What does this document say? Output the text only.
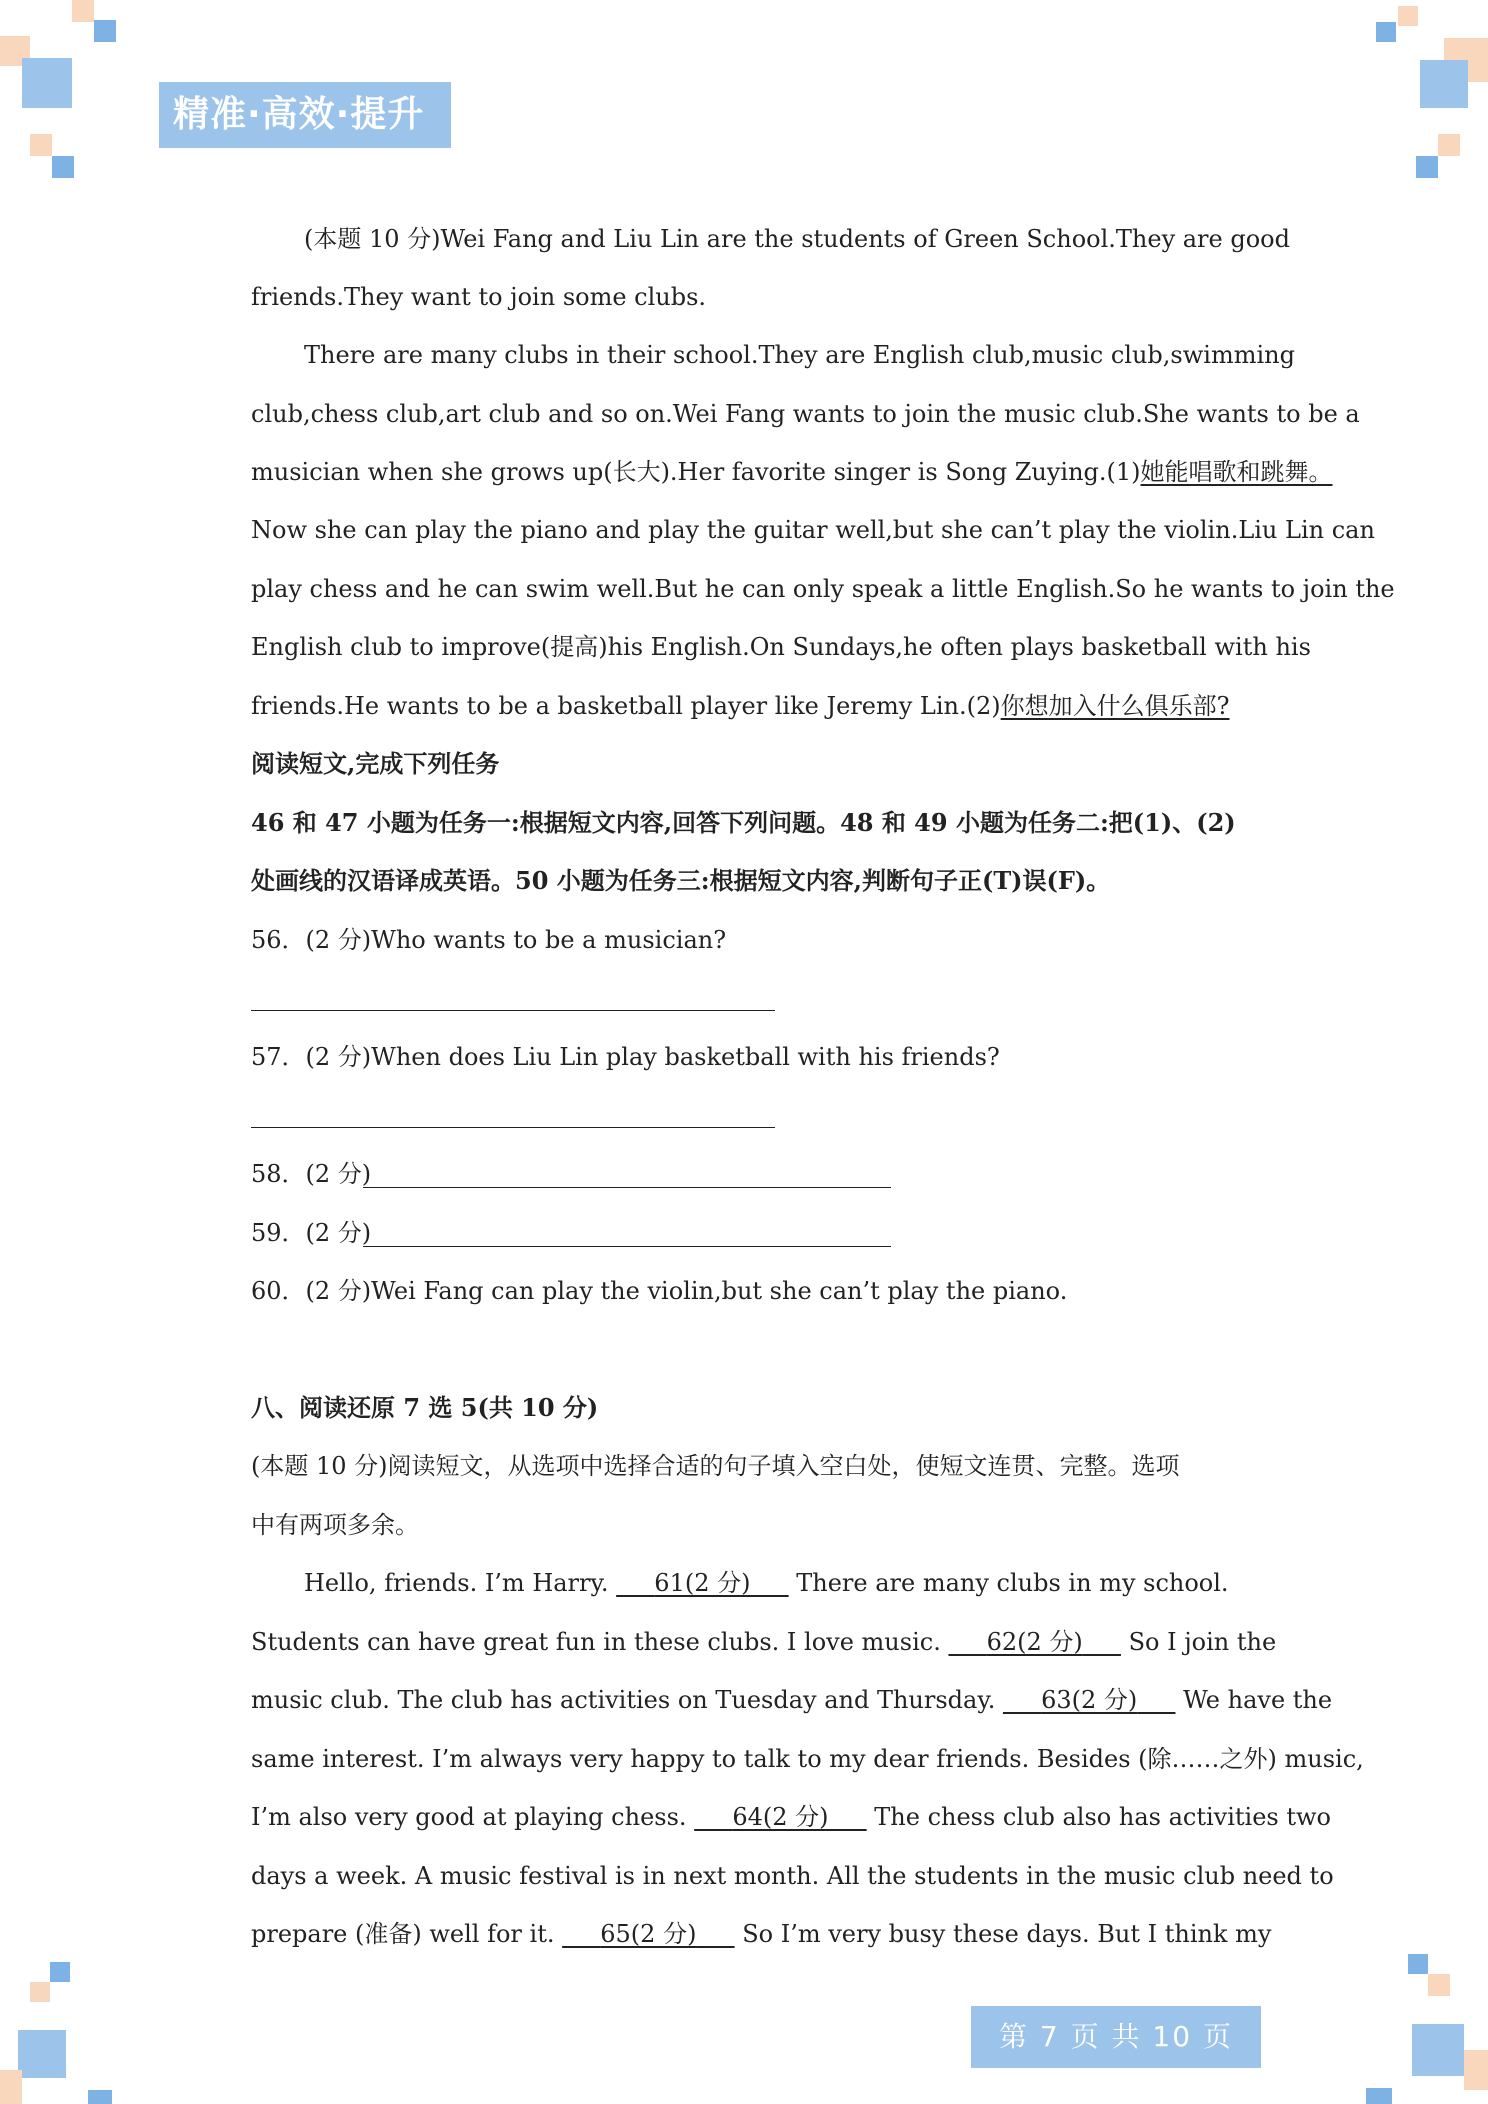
精准·高效·提升
(本题 10 分)Wei Fang and Liu Lin are the students of Green School.They are good
friends.They want to join some clubs.
There are many clubs in their school.They are English club,music club,swimming
club,chess club,art club and so on.Wei Fang wants to join the music club.She wants to be a
musician when she grows up(长大).Her favorite singer is Song Zuying.(1)她能唱歌和跳舞。
Now she can play the piano and play the guitar well,but she can’t play the violin.Liu Lin can
play chess and he can swim well.But he can only speak a little English.So he wants to join the
English club to improve(提高)his English.On Sundays,he often plays basketball with his
friends.He wants to be a basketball player like Jeremy Lin.(2)你想加入什么俱乐部?
阅读短文,完成下列任务
46 和 47 小题为任务一:根据短文内容,回答下列问题。48 和 49 小题为任务二:把(1)、(2)
处画线的汉语译成英语。50 小题为任务三:根据短文内容,判断句子正(T)误(F)。
56．(2 分)Who wants to be a musician?
57．(2 分)When does Liu Lin play basketball with his friends?
58．(2 分)
59．(2 分)
60．(2 分)Wei Fang can play the violin,but she can’t play the piano.
八、阅读还原 7 选 5(共 10 分)
(本题 10 分)阅读短文，从选项中选择合适的句子填入空白处，使短文连贯、完整。选项
中有两项多余。
Hello, friends. I’m Harry.      61(2 分)      There are many clubs in my school.
Students can have great fun in these clubs. I love music.      62(2 分)      So I join the
music club. The club has activities on Tuesday and Thursday.      63(2 分)      We have the
same interest. I’m always very happy to talk to my dear friends. Besides (除……之外) music,
I’m also very good at playing chess.      64(2 分)      The chess club also has activities two
days a week. A music festival is in next month. All the students in the music club need to
prepare (准备) well for it.      65(2 分)      So I’m very busy these days. But I think my
第 7 页 共 10 页
